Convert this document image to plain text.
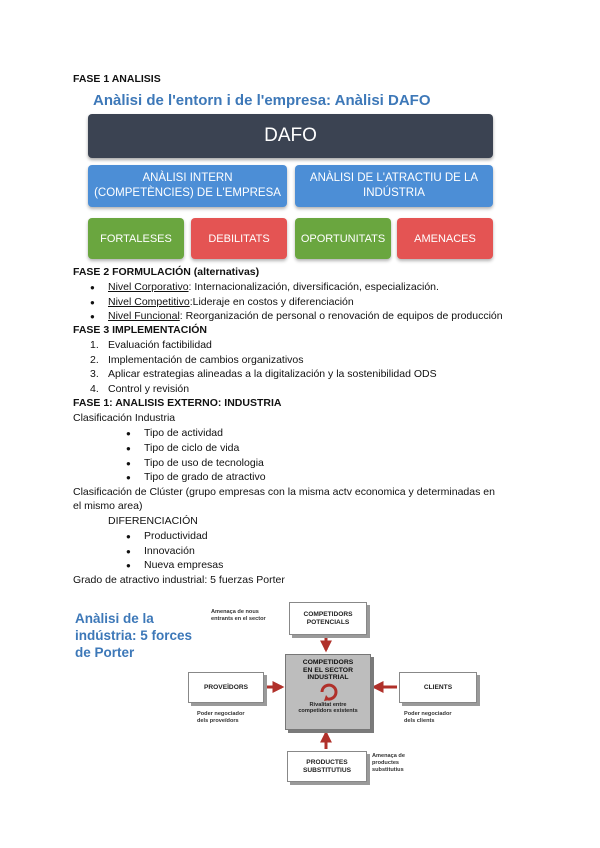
FASE 1 ANALISIS
Anàlisi de l'entorn i de l'empresa: Anàlisi DAFO
DAFO
ANÀLISI INTERN
(COMPETÈNCIES) DE L'EMPRESA
ANÀLISI DE L'ATRACTIU DE LA
INDÚSTRIA
FORTALESES	DEBILITATS	OPORTUNITATS	AMENACES
FASE 2 FORMULACIÓN (alternativas)
● Nivel Corporativo: Internacionalización, diversificación, especialización.
● Nivel Competitivo:Lideraje en costos y diferenciación
● Nivel Funcional: Reorganización de personal o renovación de equipos de producción
FASE 3 IMPLEMENTACIÓN
1. Evaluación factibilidad
2. Implementación de cambios organizativos
3. Aplicar estrategias alineadas a la digitalización y la sostenibilidad ODS
4. Control y revisión
FASE 1: ANALISIS EXTERNO: INDUSTRIA
Clasificación Industria
● Tipo de actividad
● Tipo de ciclo de vida
● Tipo de uso de tecnologia
● Tipo de grado de atractivo
Clasificación de Clúster (grupo empresas con la misma actv economica y determinadas en
el mismo area)
DIFERENCIACIÓN
● Productividad
● Innovación
● Nueva empresas
Grado de atractivo industrial: 5 fuerzas Porter
Anàlisi de la
indústria: 5 forces
de Porter
COMPETIDORS
POTENCIALS
Amenaça de nous
entrants en el sector
COMPETIDORS
EN EL SECTOR
INDUSTRIAL
Rivalitat entre
competidors existents
PROVEÏDORS
Poder negociador
dels proveïdors
CLIENTS
Poder negociador
dels clients
PRODUCTES
SUBSTITUTIUS
Amenaça de
productes
substitutius
